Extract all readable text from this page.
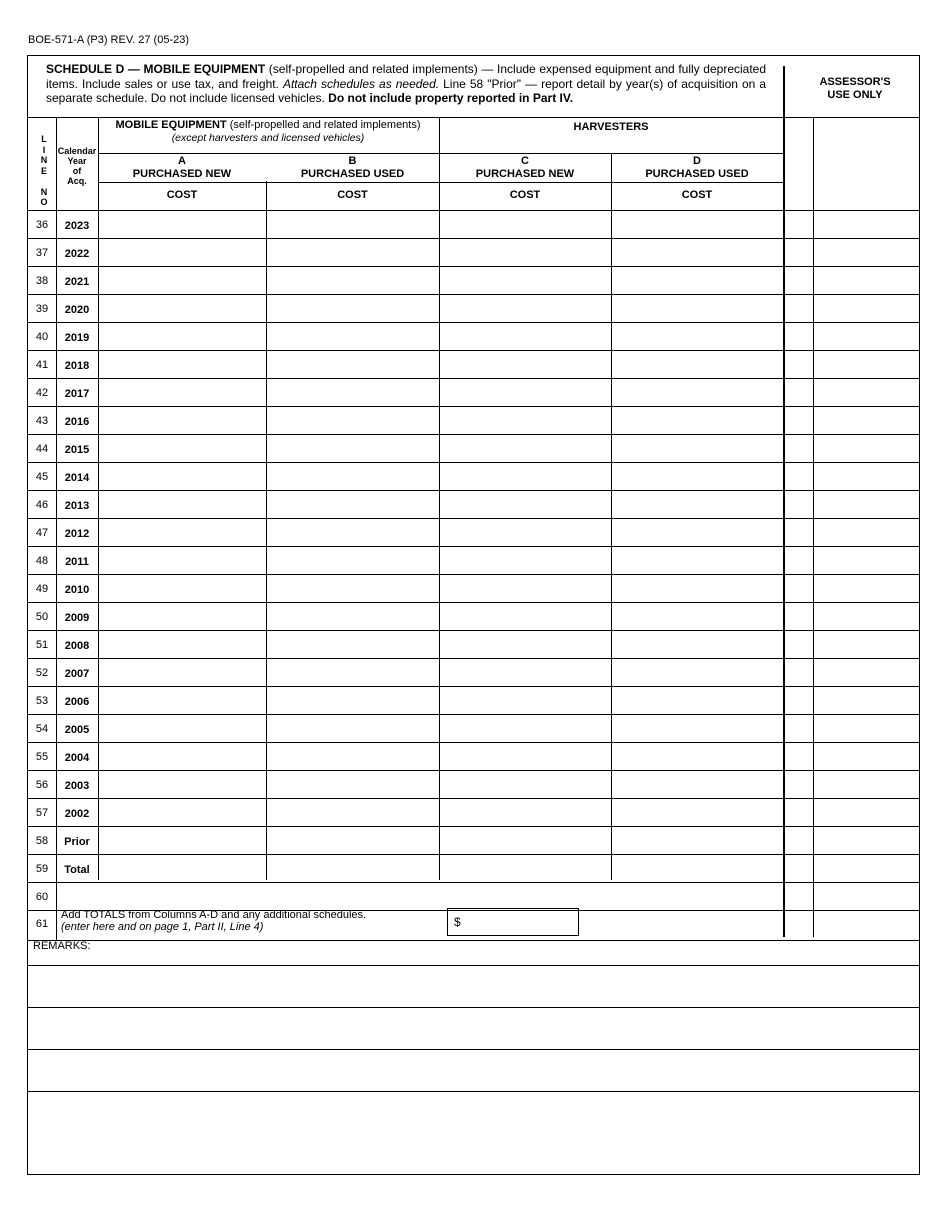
BOE-571-A (P3) REV. 27 (05-23)
SCHEDULE D — MOBILE EQUIPMENT (self-propelled and related implements) — Include expensed equipment and fully depreciated items. Include sales or use tax, and freight. Attach schedules as needed. Line 58 "Prior" — report detail by year(s) of acquisition on a separate schedule. Do not include licensed vehicles. Do not include property reported in Part IV.
ASSESSOR'S
USE ONLY
L
I
N
E

N
O
Calendar
Year
of
Acq.
MOBILE EQUIPMENT (self-propelled and related implements)
(except harvesters and licensed vehicles)
HARVESTERS
Add TOTALS from Columns A-D and any additional schedules.
(enter here and on page 1, Part II, Line 4)	$
REMARKS:
A
PURCHASED NEW
COST
B
PURCHASED USED
COST
C
PURCHASED NEW
COST
D
PURCHASED USED
COST
36	2023
37	2022
38	2021
39	2020
40	2019
41	2018
42	2017
43	2016
44	2015
45	2014
46	2013
47	2012
48	2011
49	2010
50	2009
51	2008
52	2007
53	2006
54	2005
55	2004
56	2003
57	2002
58	Prior
59	Total
60
61
